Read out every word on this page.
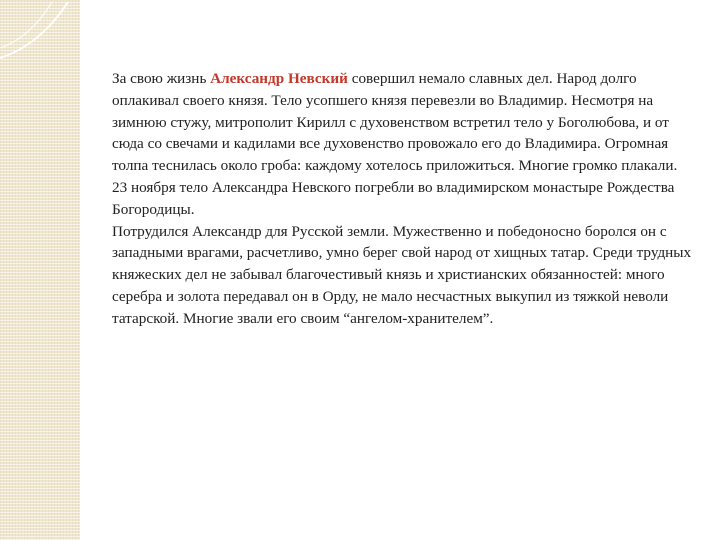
За свою жизнь Александр Невский совершил немало славных дел. Народ долго оплакивал своего князя. Тело усопшего князя перевезли во Владимир. Несмотря на зимнюю стужу, митрополит Кирилл с духовенством встретил тело у Боголюбова, и от сюда со свечами и кадилами все духовенство провожало его до Владимира. Огромная толпа теснилась около гроба: каждому хотелось приложиться. Многие громко плакали. 23 ноября тело Александра Невского погребли во владимирском монастыре Рождества Богородицы.

Потрудился Александр для Русской земли. Мужественно и победоносно боролся он с западными врагами, расчетливо, умно берег свой народ от хищных татар. Среди трудных княжеских дел не забывал благочестивый князь и христианских обязанностей: много серебра и золота передавал он в Орду, не мало несчастных выкупил из тяжкой неволи татарской. Многие звали его своим “ангелом-хранителем”.
